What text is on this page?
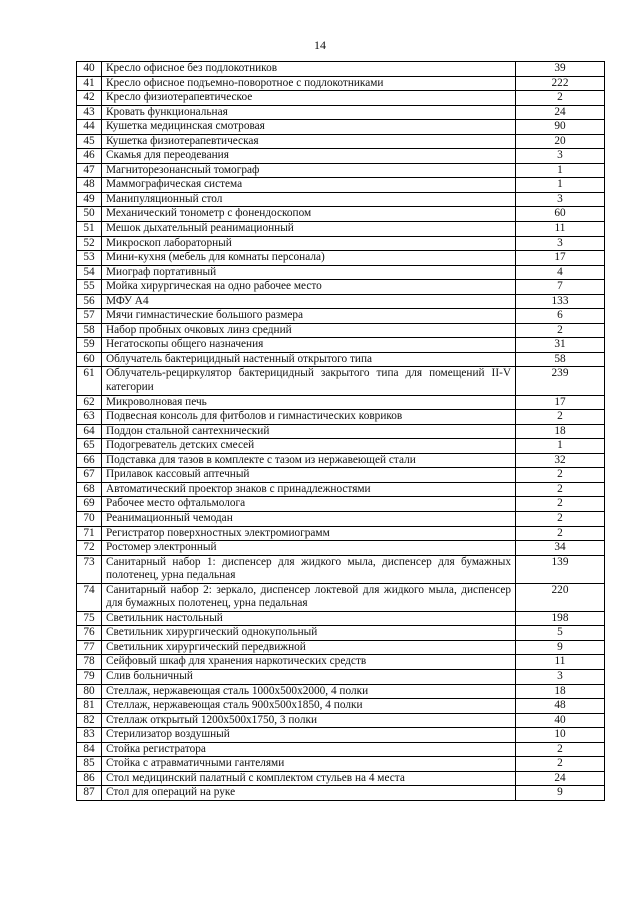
14
40	Кресло офисное без подлокотников	39
41	Кресло офисное подъемно-поворотное с подлокотниками	222
42	Кресло физиотерапевтическое	2
43	Кровать функциональная	24
44	Кушетка медицинская смотровая	90
45	Кушетка физиотерапевтическая	20
46	Скамья для переодевания	3
47	Магниторезонансный томограф	1
48	Маммографическая система	1
49	Манипуляционный стол	3
50	Механический тонометр с фонендоскопом	60
51	Мешок дыхательный реанимационный	11
52	Микроскоп лабораторный	3
53	Мини-кухня (мебель для комнаты персонала)	17
54	Миограф портативный	4
55	Мойка хирургическая на одно рабочее место	7
56	МФУ А4	133
57	Мячи гимнастические большого размера	6
58	Набор пробных очковых линз средний	2
59	Негатоскопы общего назначения	31
60	Облучатель бактерицидный настенный открытого типа	58
61	Облучатель-рециркулятор бактерицидный закрытого типа для помещений II-V категории	239
62	Микроволновая печь	17
63	Подвесная консоль для фитболов и гимнастических ковриков	2
64	Поддон стальной сантехнический	18
65	Подогреватель детских смесей	1
66	Подставка для тазов в комплекте с тазом из нержавеющей стали	32
67	Прилавок кассовый аптечный	2
68	Автоматический проектор знаков с принадлежностями	2
69	Рабочее место офтальмолога	2
70	Реанимационный чемодан	2
71	Регистратор поверхностных электромиограмм	2
72	Ростомер электронный	34
73	Санитарный набор 1: диспенсер для жидкого мыла, диспенсер для бумажных полотенец, урна педальная	139
74	Санитарный набор 2: зеркало, диспенсер локтевой для жидкого мыла, диспенсер для бумажных полотенец, урна педальная	220
75	Светильник настольный	198
76	Светильник хирургический однокупольный	5
77	Светильник хирургический передвижной	9
78	Сейфовый шкаф для хранения наркотических средств	11
79	Слив больничный	3
80	Стеллаж, нержавеющая сталь 1000х500х2000, 4 полки	18
81	Стеллаж, нержавеющая сталь 900х500х1850, 4 полки	48
82	Стеллаж открытый 1200х500х1750, 3 полки	40
83	Стерилизатор воздушный	10
84	Стойка регистратора	2
85	Стойка с атравматичными гантелями	2
86	Стол медицинский палатный с комплектом стульев на 4 места	24
87	Стол для операций на руке	9
